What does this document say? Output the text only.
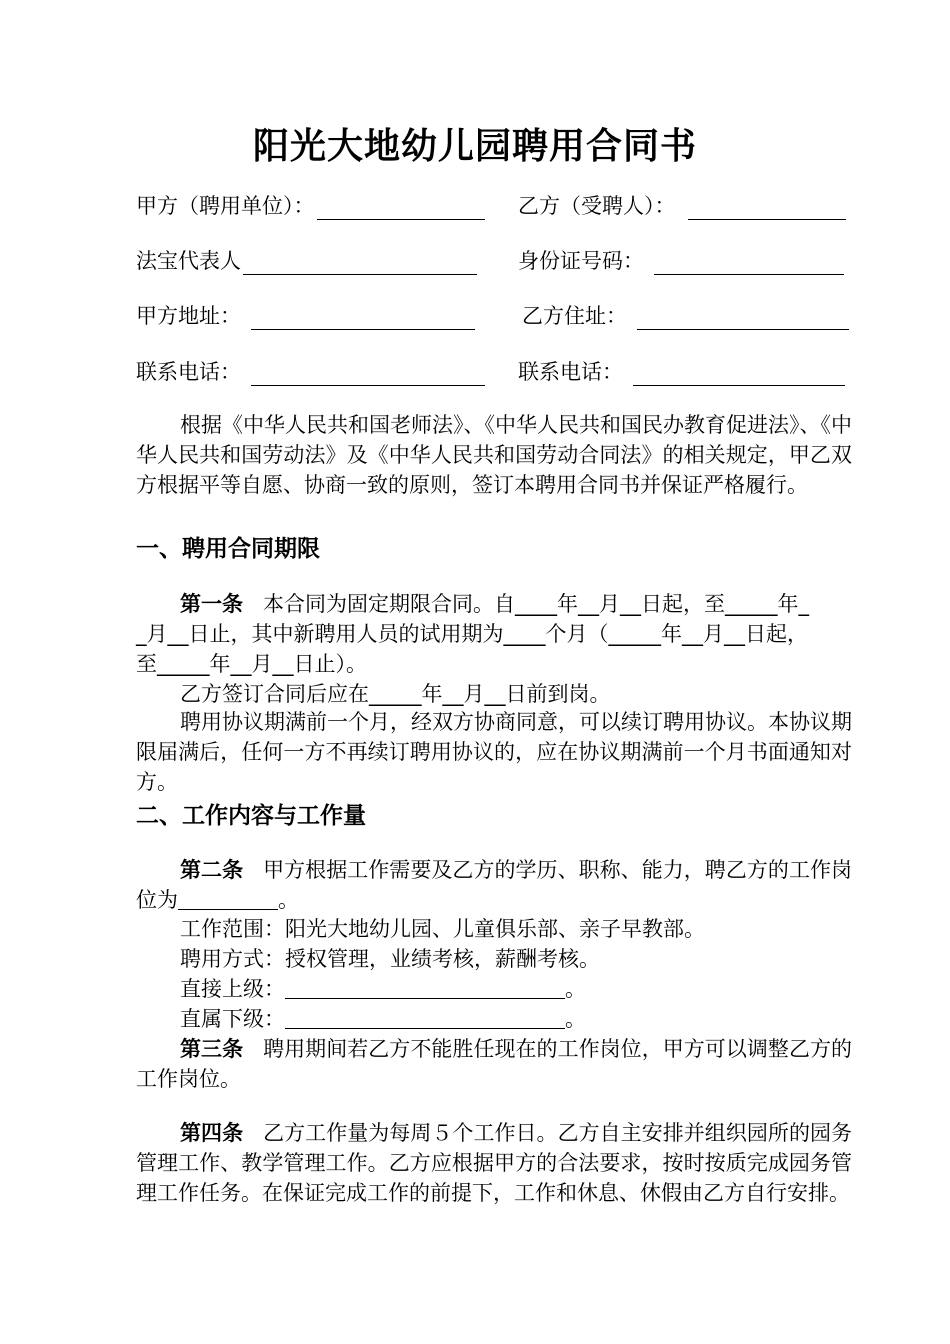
阳光大地幼儿园聘用合同书
甲方（聘用单位）：	乙方（受聘人）：
法宝代表人	身份证号码：
甲方地址：	乙方住址：
联系电话：	联系电话：

根据《中华人民共和国老师法》、《中华人民共和国民办教育促进法》、《中华人民共和国劳动法》及《中华人民共和国劳动合同法》的相关规定，甲乙双方根据平等自愿、协商一致的原则，签订本聘用合同书并保证严格履行。

一、聘用合同期限
第一条 本合同为固定期限合同。自____年__月__日起，至_____年_
_月__日止，其中新聘用人员的试用期为____个月（_____年__月__日起，
至_____年__月__日止）。

乙方签订合同后应在_____年__月__日前到岗。

聘用协议期满前一个月，经双方协商同意，可以续订聘用协议。本协议期限届满后，任何一方不再续订聘用协议的，应在协议期满前一个月书面通知对方。

二、工作内容与工作量

第二条 甲方根据工作需要及乙方的学历、职称、能力，聘乙方的工作岗位为	。

工作范围：阳光大地幼儿园、儿童俱乐部、亲子早教部。

聘用方式：授权管理，业绩考核，薪酬考核。

直接上级：	。

直属下级：	。

第三条 聘用期间若乙方不能胜任现在的工作岗位，甲方可以调整乙方的工作岗位。

第四条 乙方工作量为每周５个工作日。乙方自主安排并组织园所的园务管理工作、教学管理工作。乙方应根据甲方的合法要求，按时按质完成园务管理工作任务。在保证完成工作的前提下，工作和休息、休假由乙方自行安排。
